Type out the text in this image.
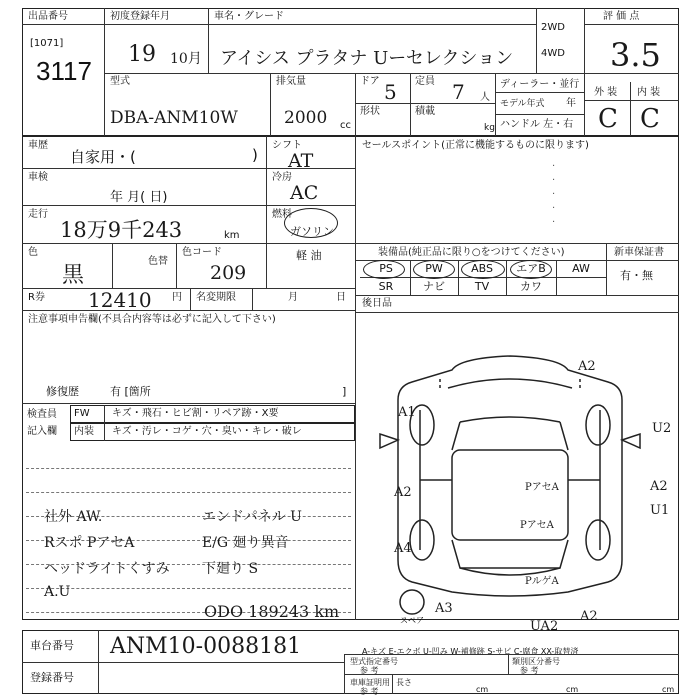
出品番号
[1071]
3117
初度登録年月
19 10月
車名・グレード
アイシス プラタナ Uーセレクション
2WD
4WD
評 価 点
3.5
型式
DBA-ANM10W
排気量
2000 cc
ドア 5 定員 7 人
形状	積載
kg
ディーラー・並行
モデル年式 年
ハンドル 左・右
外 装 内 装
C C
車歴
自家用・(	)
車検
年 月( 日)
走行
18万9千243	km
色
黒
色替
色コード
209
R券 12410 円 名変期限	月	日
注意事項申告欄(不具合内容等は必ずに記入して下さい)
修復歴	有 [箇所	]
検査員
記入欄
FW キズ・飛石・ヒビ割・リペア跡・X要
内装 キズ・汚レ・コゲ・穴・臭い・キレ・破レ
社外 AW.	エンドパネル U
Rスポ PアセA	E/G 廻り異音
ヘッドライトくすみ 下廻り S
A.U
ODO 189243 km
シフト
AT
冷房
AC
燃料
ガソリン
軽 油
セールスポイント(正常に機能するものに限ります)
·
·
·
·
·
装備品(純正品に限り○をつけてください)	新車保証書
有・無
PS	PW	ABS	エアB	AW
SR	ナビ	TV	カワ
後日品
A2
A1
U2
A2	PアセA	A2
U1
PアセA
A4
PルゲA
A3
UA2
A2
スペア
A-キズ E-エクボ U-凹み W-補修跡 S-サビ C-腐食 XX-取替済
車台番号 ANM10-0088181
登録番号
型式指定番号
参 考
類別区分番号
参 考
車庫証明用
参 考
長さ
cm	cm	cm
